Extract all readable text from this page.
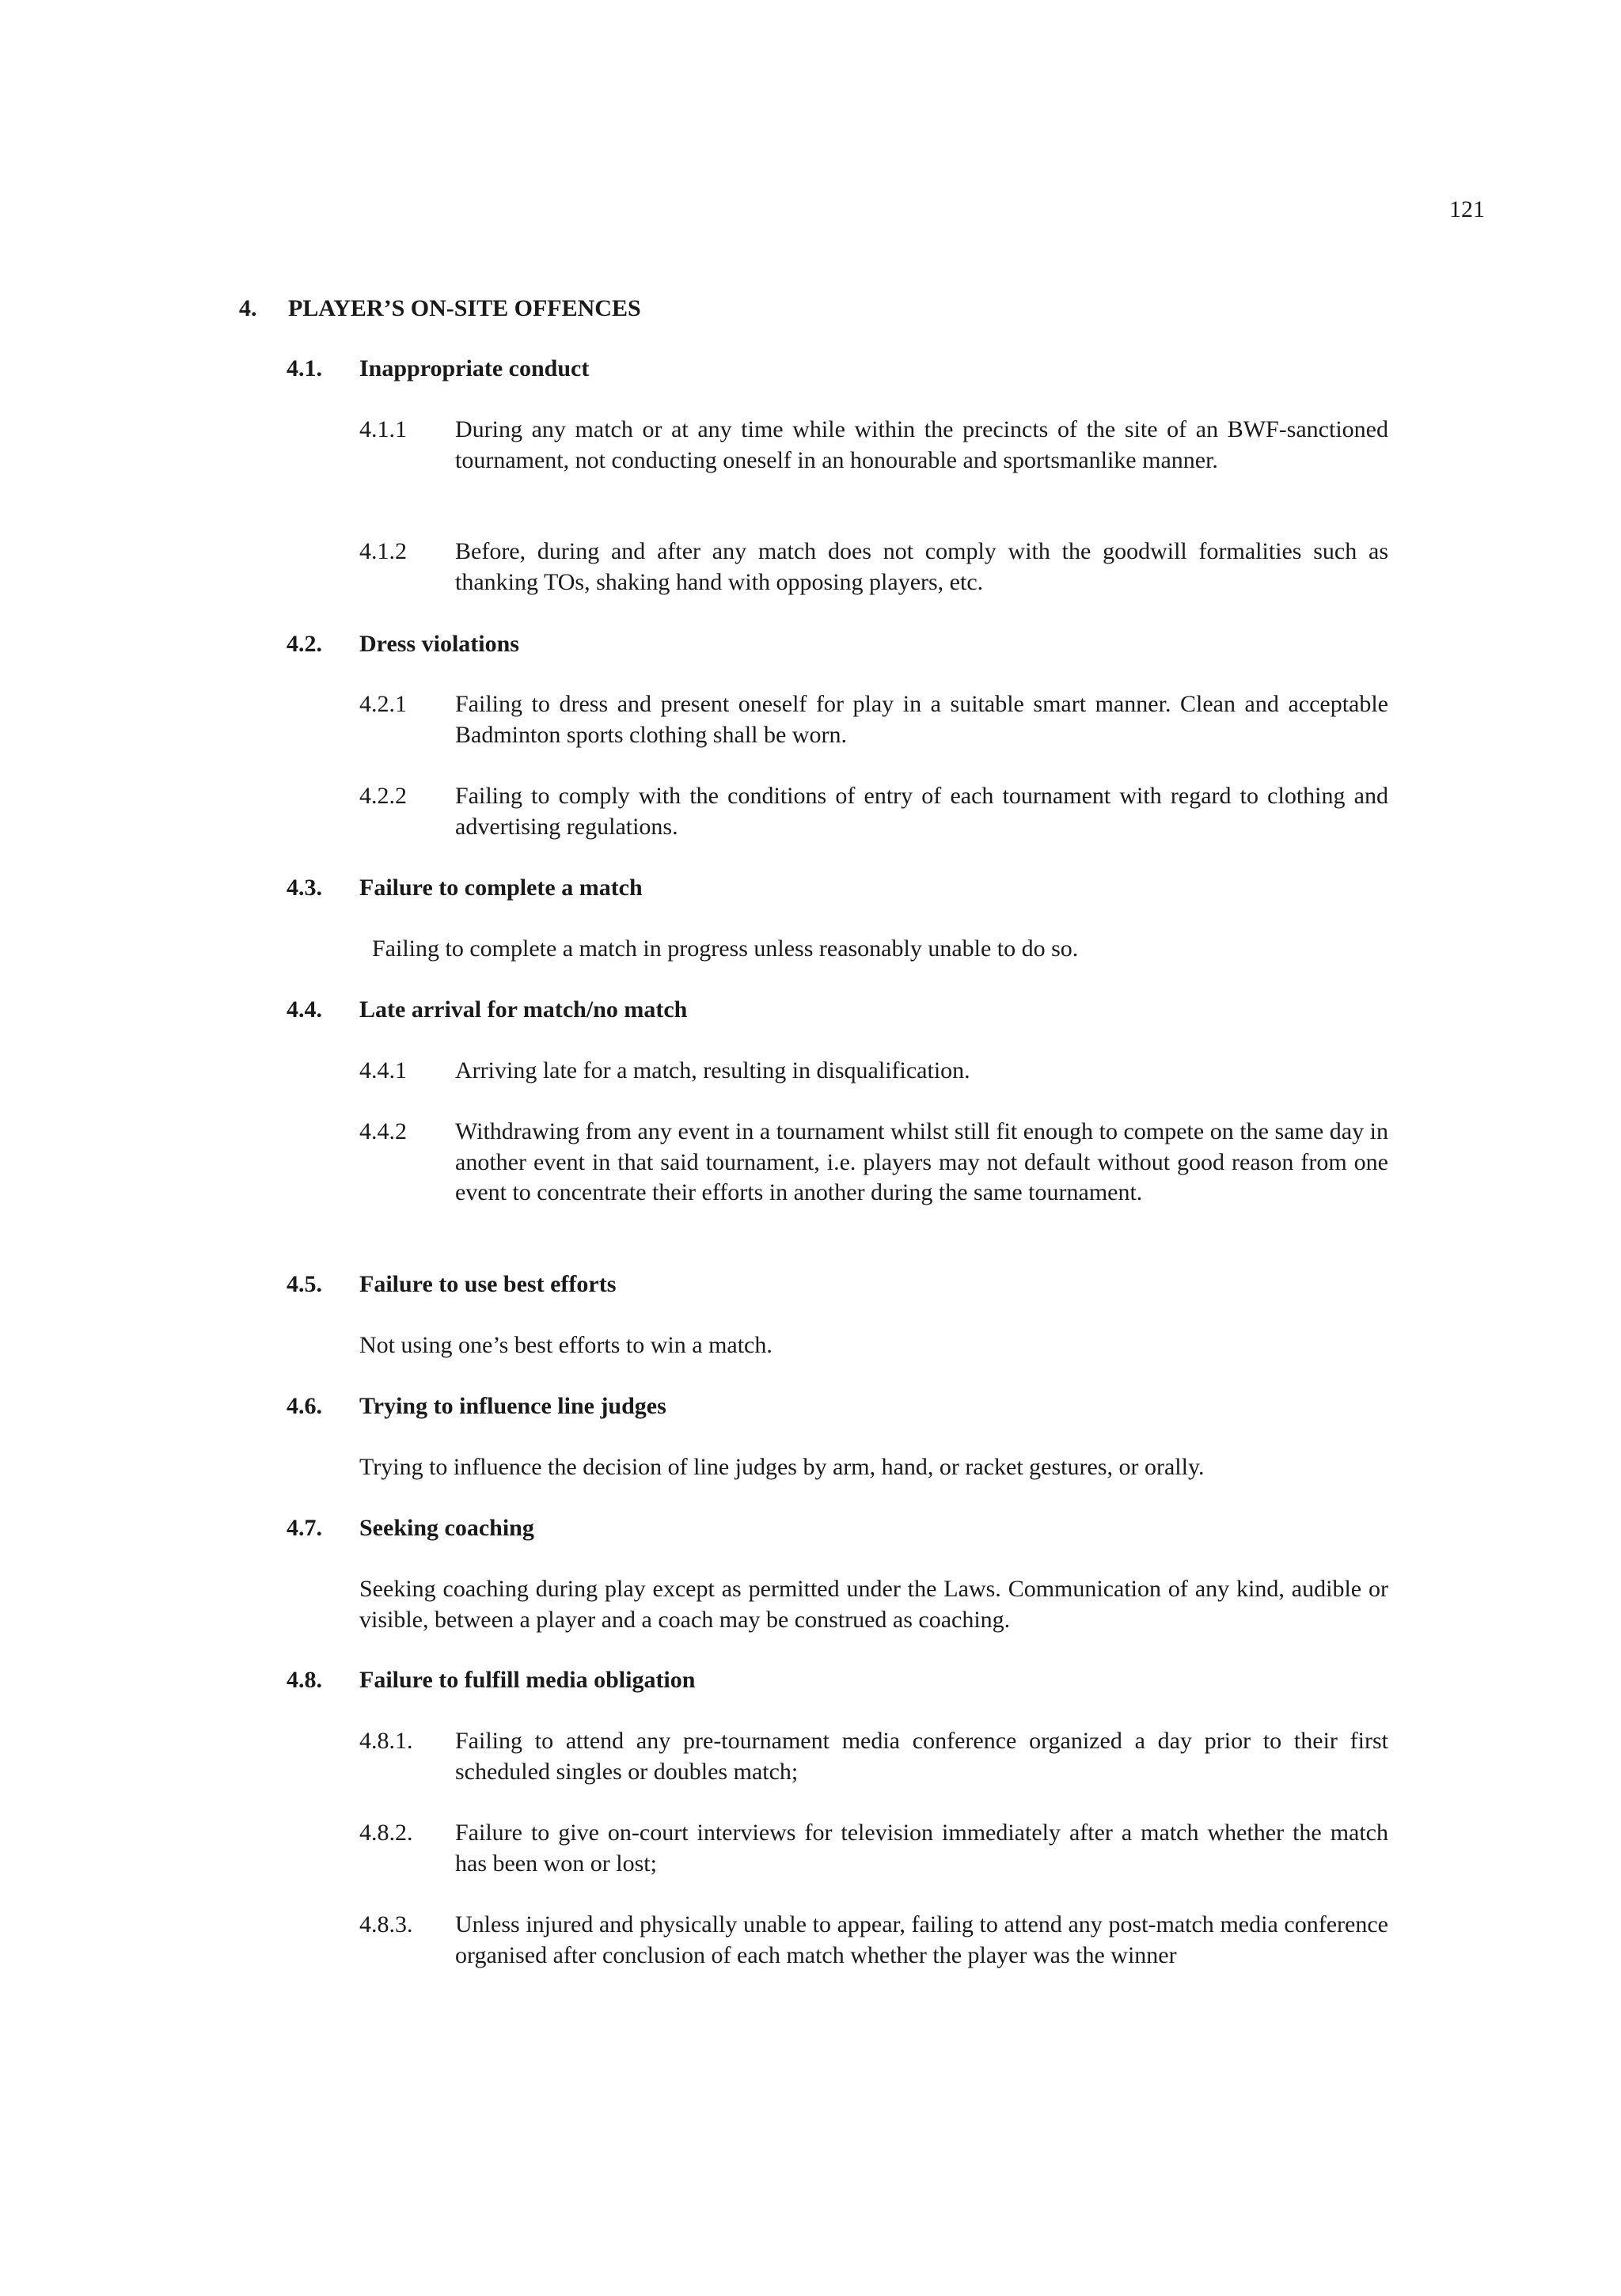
121
4. PLAYER’S ON-SITE OFFENCES
4.1. Inappropriate conduct
4.1.1 During any match or at any time while within the precincts of the site of an BWF-sanctioned tournament, not conducting oneself in an honourable and sportsmanlike manner.
4.1.2 Before, during and after any match does not comply with the goodwill formalities such as thanking TOs, shaking hand with opposing players, etc.
4.2. Dress violations
4.2.1 Failing to dress and present oneself for play in a suitable smart manner. Clean and acceptable Badminton sports clothing shall be worn.
4.2.2 Failing to comply with the conditions of entry of each tournament with regard to clothing and advertising regulations.
4.3. Failure to complete a match
Failing to complete a match in progress unless reasonably unable to do so.
4.4. Late arrival for match/no match
4.4.1 Arriving late for a match, resulting in disqualification.
4.4.2 Withdrawing from any event in a tournament whilst still fit enough to compete on the same day in another event in that said tournament, i.e. players may not default without good reason from one event to concentrate their efforts in another during the same tournament.
4.5. Failure to use best efforts
Not using one’s best efforts to win a match.
4.6. Trying to influence line judges
Trying to influence the decision of line judges by arm, hand, or racket gestures, or orally.
4.7. Seeking coaching
Seeking coaching during play except as permitted under the Laws. Communication of any kind, audible or visible, between a player and a coach may be construed as coaching.
4.8. Failure to fulfill media obligation
4.8.1. Failing to attend any pre-tournament media conference organized a day prior to their first scheduled singles or doubles match;
4.8.2. Failure to give on-court interviews for television immediately after a match whether the match has been won or lost;
4.8.3. Unless injured and physically unable to appear, failing to attend any post-match media conference organised after conclusion of each match whether the player was the winner
